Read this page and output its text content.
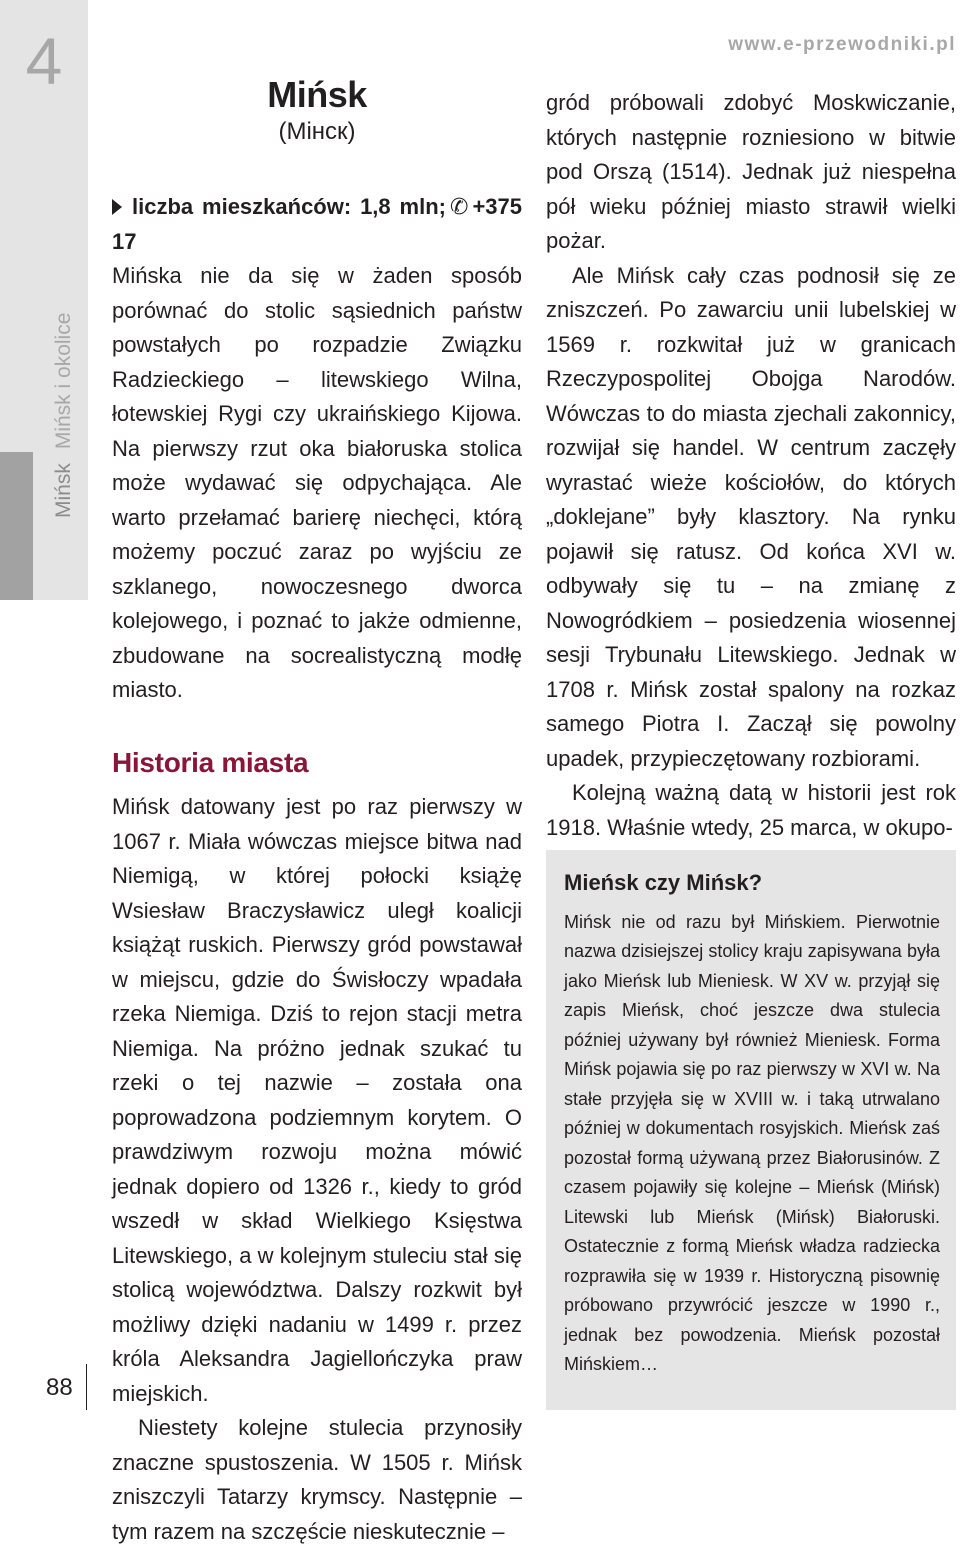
4
MińskMińsk i okolice
88
www.e-przewodniki.pl
Mińsk
(Мінск)

liczba mieszkańców: 1,8 mln; ✆ +375 17

Mińska nie da się w żaden sposób porównać do stolic sąsiednich państw powstałych po rozpadzie Związku Radzieckiego – litewskiego Wilna, łotewskiej Rygi czy ukraińskiego Kijowa. Na pierwszy rzut oka białoruska stolica może wydawać się odpychająca. Ale warto przełamać barierę niechęci, którą możemy poczuć zaraz po wyjściu ze szklanego, nowoczesnego dworca kolejowego, i poznać to jakże odmienne, zbudowane na socrealistyczną modłę miasto.

Historia miasta

Mińsk datowany jest po raz pierwszy w 1067 r. Miała wówczas miejsce bitwa nad Niemigą, w której połocki książę Wsiesław Braczysławicz uległ koalicji książąt ruskich. Pierwszy gród powstawał w miejscu, gdzie do Świsłoczy wpadała rzeka Niemiga. Dziś to rejon stacji metra Niemiga. Na próżno jednak szukać tu rzeki o tej nazwie – została ona poprowadzona podziemnym korytem. O prawdziwym rozwoju można mówić jednak dopiero od 1326 r., kiedy to gród wszedł w skład Wielkiego Księstwa Litewskiego, a w kolejnym stuleciu stał się stolicą województwa. Dalszy rozkwit był możliwy dzięki nadaniu w 1499 r. przez króla Aleksandra Jagiellończyka praw miejskich.

Niestety kolejne stulecia przynosiły znaczne spustoszenia. W 1505 r. Mińsk zniszczyli Tatarzy krymscy. Następnie – tym razem na szczęście nieskutecznie –

gród próbowali zdobyć Moskwiczanie, których następnie rozniesiono w bitwie pod Orszą (1514). Jednak już niespełna pół wieku później miasto strawił wielki pożar.

Ale Mińsk cały czas podnosił się ze zniszczeń. Po zawarciu unii lubelskiej w 1569 r. rozkwitał już w granicach Rzeczypospolitej Obojga Narodów. Wówczas to do miasta zjechali zakonnicy, rozwijał się handel. W centrum zaczęły wyrastać wieże kościołów, do których „doklejane” były klasztory. Na rynku pojawił się ratusz. Od końca XVI w. odbywały się tu – na zmianę z Nowogródkiem – posiedzenia wiosennej sesji Trybunału Litewskiego. Jednak w 1708 r. Mińsk został spalony na rozkaz samego Piotra I. Zaczął się powolny upadek, przypieczętowany rozbiorami.

Kolejną ważną datą w historii jest rok 1918. Właśnie wtedy, 25 marca, w okupo-

Mieńsk czy Mińsk?

Mińsk nie od razu był Mińskiem. Pierwotnie nazwa dzisiejszej stolicy kraju zapisywana była jako Mieńsk lub Mieniesk. W XV w. przyjął się zapis Mieńsk, choć jeszcze dwa stulecia później używany był również Mieniesk. Forma Mińsk pojawia się po raz pierwszy w XVI w. Na stałe przyjęła się w XVIII w. i taką utrwalano później w dokumentach rosyjskich. Mieńsk zaś pozostał formą używaną przez Białorusinów. Z czasem pojawiły się kolejne – Mieńsk (Mińsk) Litewski lub Mieńsk (Mińsk) Białoruski. Ostatecznie z formą Mieńsk władza radziecka rozprawiła się w 1939 r. Historyczną pisownię próbowano przywrócić jeszcze w 1990 r., jednak bez powodzenia. Mieńsk pozostał Mińskiem…
